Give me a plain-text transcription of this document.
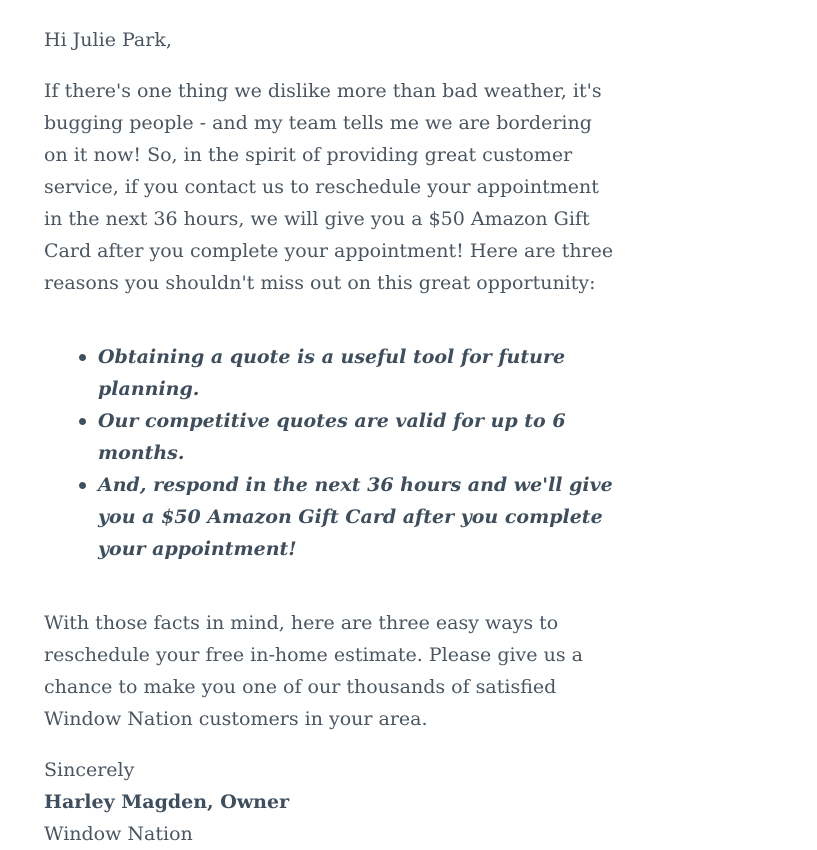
Hi Julie Park,

If there's one thing we dislike more than bad weather, it's bugging people - and my team tells me we are bordering on it now! So, in the spirit of providing great customer service, if you contact us to reschedule your appointment in the next 36 hours, we will give you a $50 Amazon Gift Card after you complete your appointment! Here are three reasons you shouldn't miss out on this great opportunity:

Obtaining a quote is a useful tool for future planning.
Our competitive quotes are valid for up to 6 months.
And, respond in the next 36 hours and we'll give you a $50 Amazon Gift Card after you complete your appointment!

With those facts in mind, here are three easy ways to reschedule your free in-home estimate. Please give us a chance to make you one of our thousands of satisfied Window Nation customers in your area.

Sincerely
Harley Magden, Owner
Window Nation
